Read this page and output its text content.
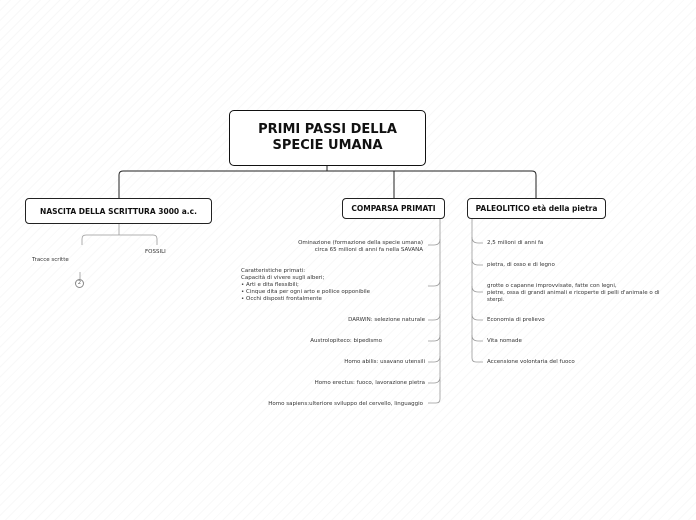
PRIMI PASSI DELLA SPECIE UMANA
NASCITA DELLA SCRITTURA 3000 a.c.	COMPARSA PRIMATI	PALEOLITICO età della pietra
Tracce scritte
FOSSILI
2
Ominazione (formazione della specie umana)
circa 65 milioni di anni fa nella SAVANA
Caratteristiche primati:
Capacità di vivere sugli alberi;
• Arti e dita flessibili;
• Cinque dita per ogni arto e pollice opponibile
• Occhi disposti frontalmente
DARWIN: selezione naturale
Austrolopiteco: bipedismo
Homo abilis: usavano utensili
Homo erectus: fuoco, lavorazione pietra
Homo sapiens:ulteriore sviluppo del cervello, linguaggio
2,5 milioni di anni fa
pietra, di osso e di legno
grotte o capanne improvvisate, fatte con legni,
pietre, ossa di grandi animali e ricoperte di pelli d'animale o di
sterpi.
Economia di prelievo
Vita nomade
Accensione volontaria del fuoco
